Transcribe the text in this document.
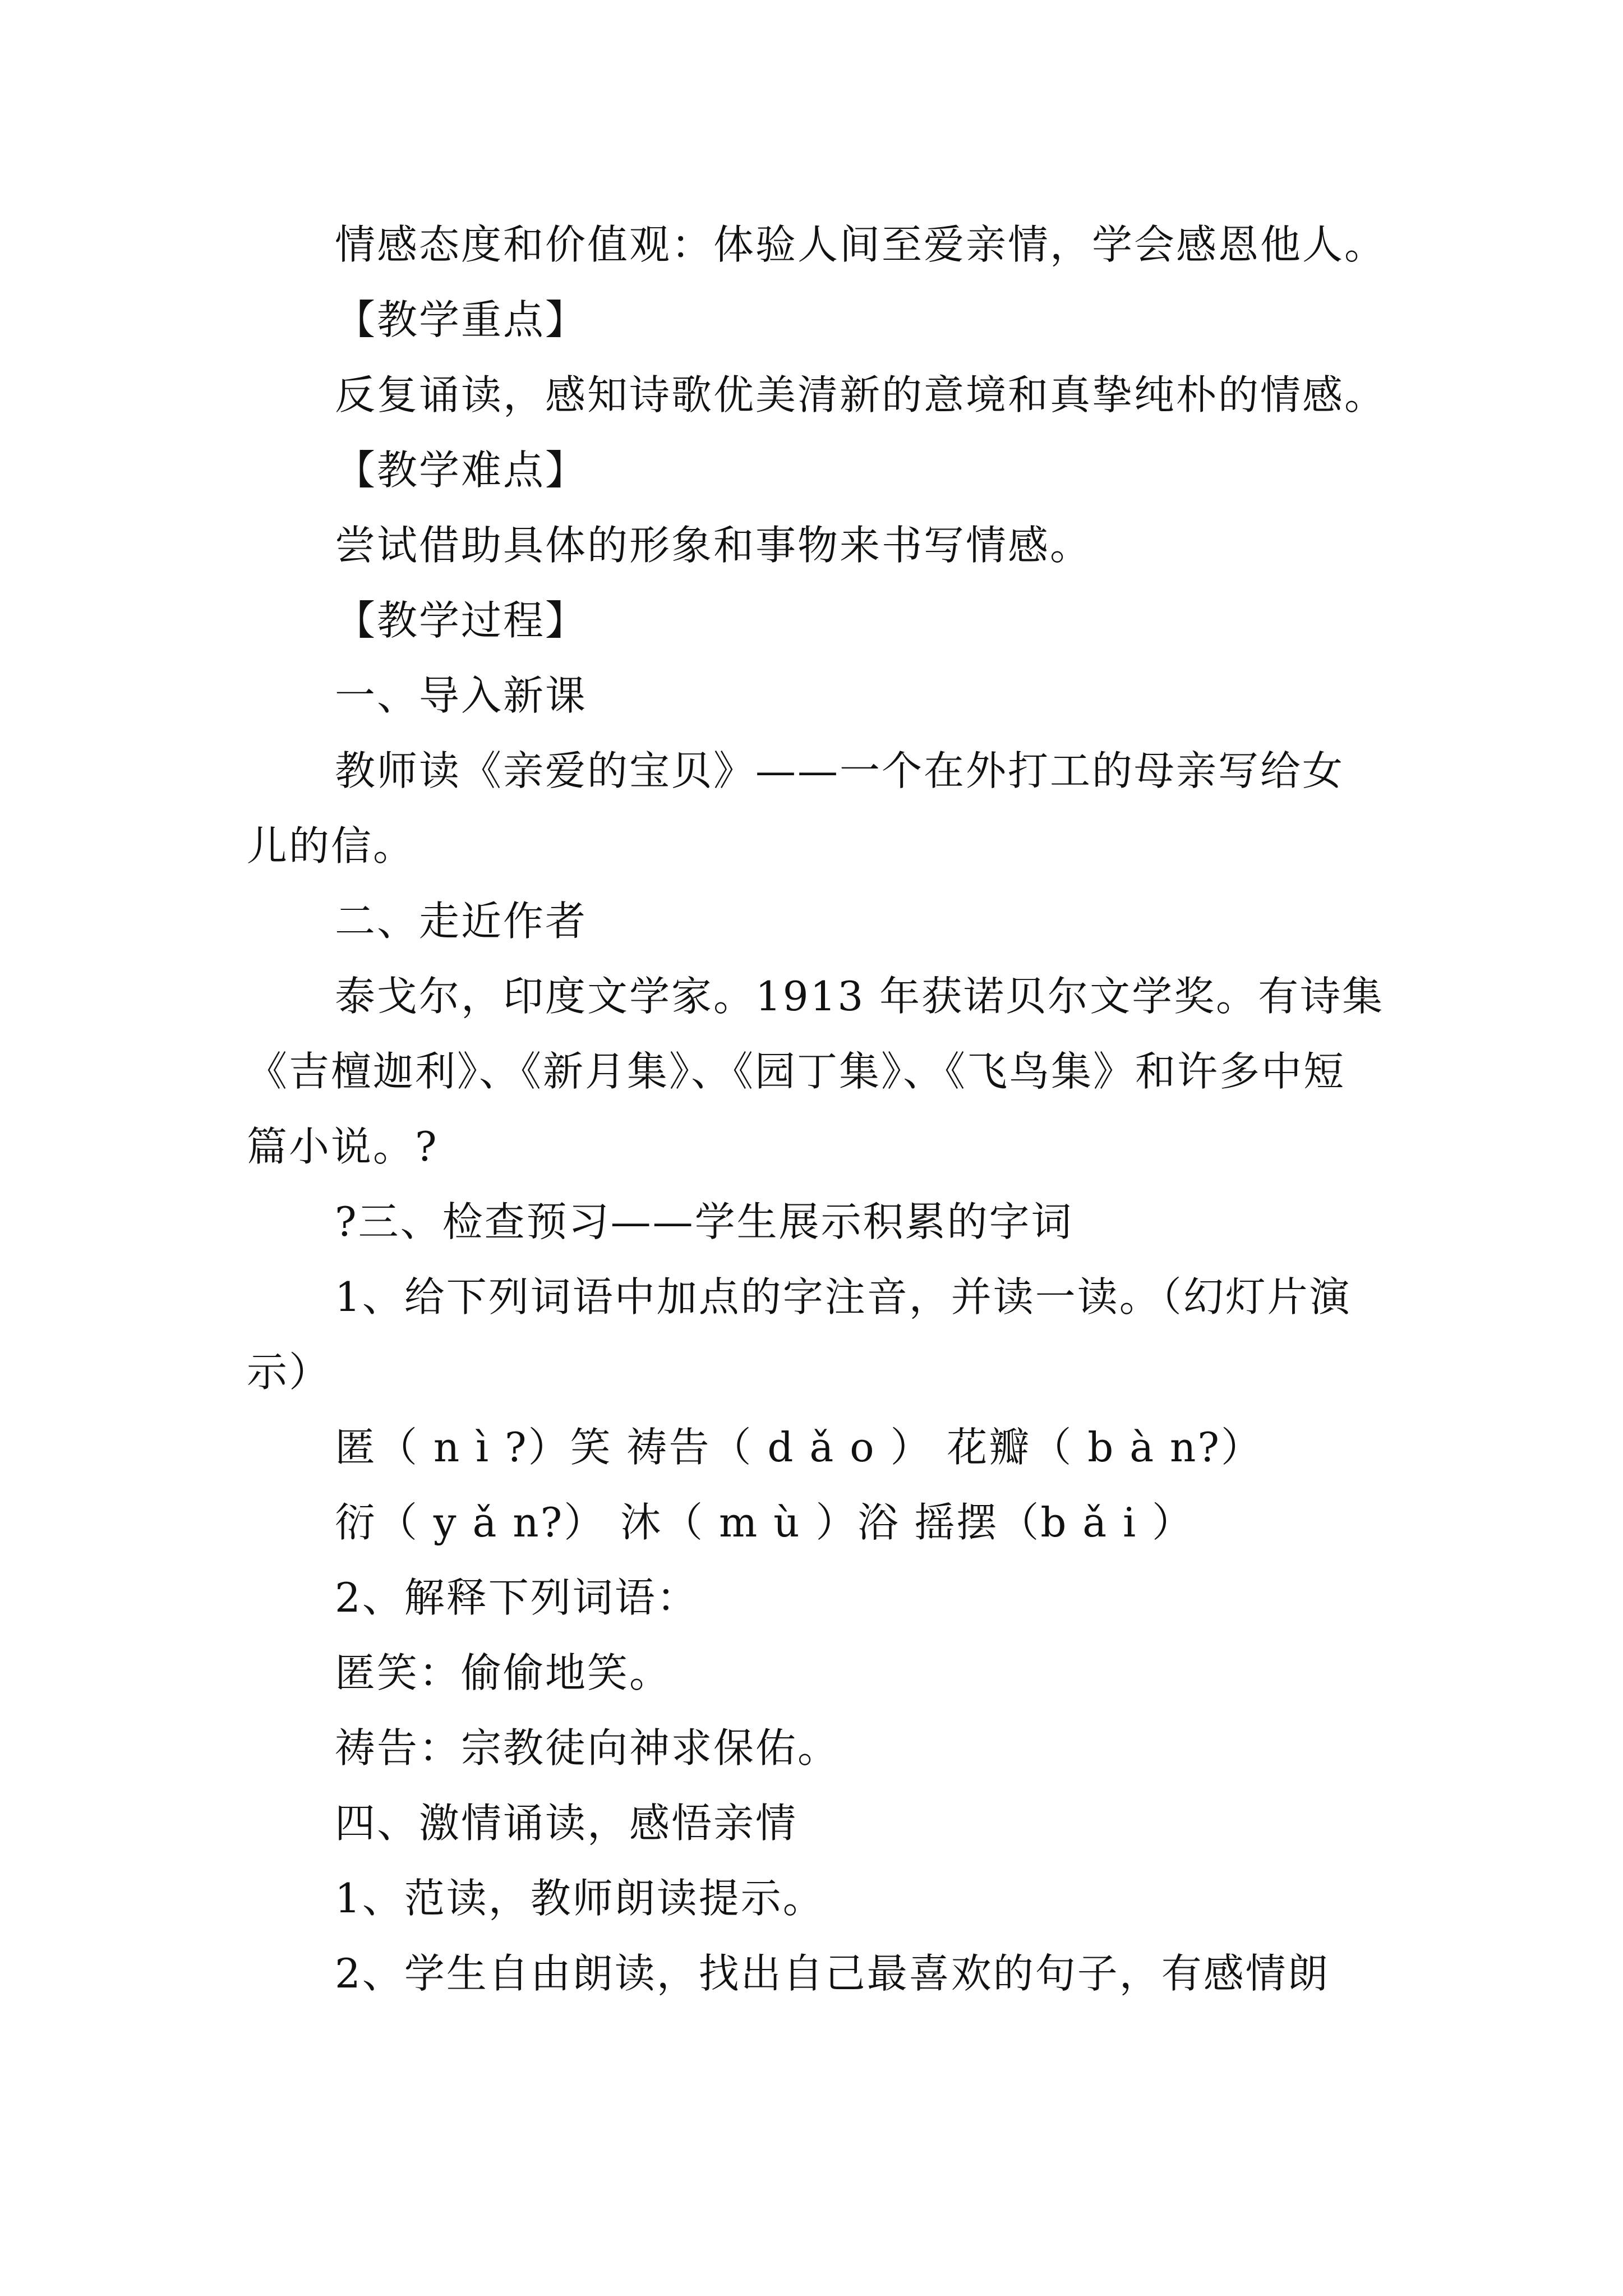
情感态度和价值观：体验人间至爱亲情，学会感恩他人。
【教学重点】
反复诵读，感知诗歌优美清新的意境和真挚纯朴的情感。
【教学难点】
尝试借助具体的形象和事物来书写情感。
【教学过程】
一、导入新课
教师读《亲爱的宝贝》——一个在外打工的母亲写给女
儿的信。
二、走近作者
泰戈尔，印度文学家。1913 年获诺贝尔文学奖。有诗集
《吉檀迦利》、《新月集》、《园丁集》、《飞鸟集》和许多中短
篇小说。?
?三、检查预习——学生展示积累的字词
1、给下列词语中加点的字注音，并读一读。（幻灯片演
示）
匿（ n ì ?）笑 祷告（ d ǎ o ） 花瓣（ b à n?）
衍（ y ǎ n?） 沐（ m ù ）浴 摇摆（b ǎ i ）
2、解释下列词语：
匿笑：偷偷地笑。
祷告：宗教徒向神求保佑。
四、激情诵读，感悟亲情
1、范读，教师朗读提示。
2、学生自由朗读，找出自己最喜欢的句子，有感情朗
